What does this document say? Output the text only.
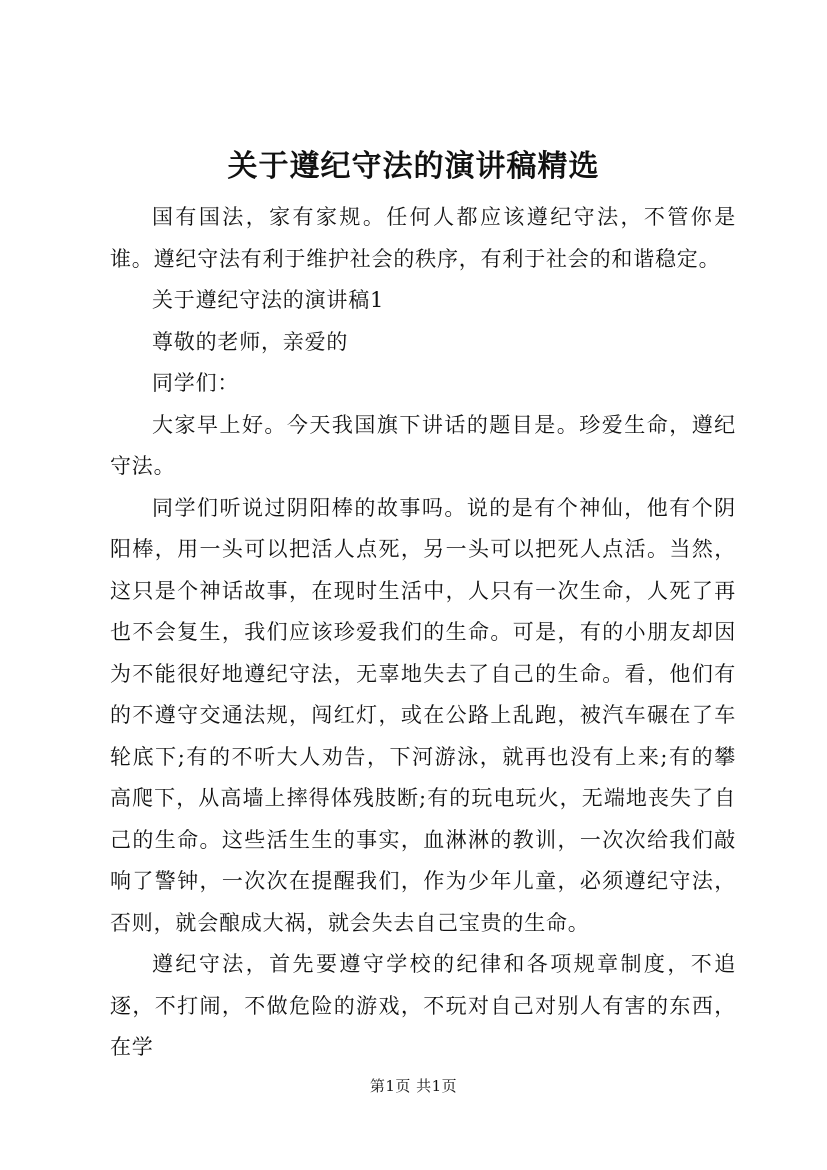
关于遵纪守法的演讲稿精选

国有国法，家有家规。任何人都应该遵纪守法，不管你是谁。遵纪守法有利于维护社会的秩序，有利于社会的和谐稳定。

关于遵纪守法的演讲稿1

尊敬的老师，亲爱的

同学们：

大家早上好。今天我国旗下讲话的题目是。珍爱生命，遵纪守法。

同学们听说过阴阳棒的故事吗。说的是有个神仙，他有个阴阳棒，用一头可以把活人点死，另一头可以把死人点活。当然，这只是个神话故事，在现时生活中，人只有一次生命，人死了再也不会复生，我们应该珍爱我们的生命。可是，有的小朋友却因为不能很好地遵纪守法，无辜地失去了自己的生命。看，他们有的不遵守交通法规，闯红灯，或在公路上乱跑，被汽车碾在了车轮底下;有的不听大人劝告，下河游泳，就再也没有上来;有的攀高爬下，从高墙上摔得体残肢断;有的玩电玩火，无端地丧失了自己的生命。这些活生生的事实，血淋淋的教训，一次次给我们敲响了警钟，一次次在提醒我们，作为少年儿童，必须遵纪守法，否则，就会酿成大祸，就会失去自己宝贵的生命。

遵纪守法，首先要遵守学校的纪律和各项规章制度，不追逐，不打闹，不做危险的游戏，不玩对自己对别人有害的东西，在学

第1页 共1页
